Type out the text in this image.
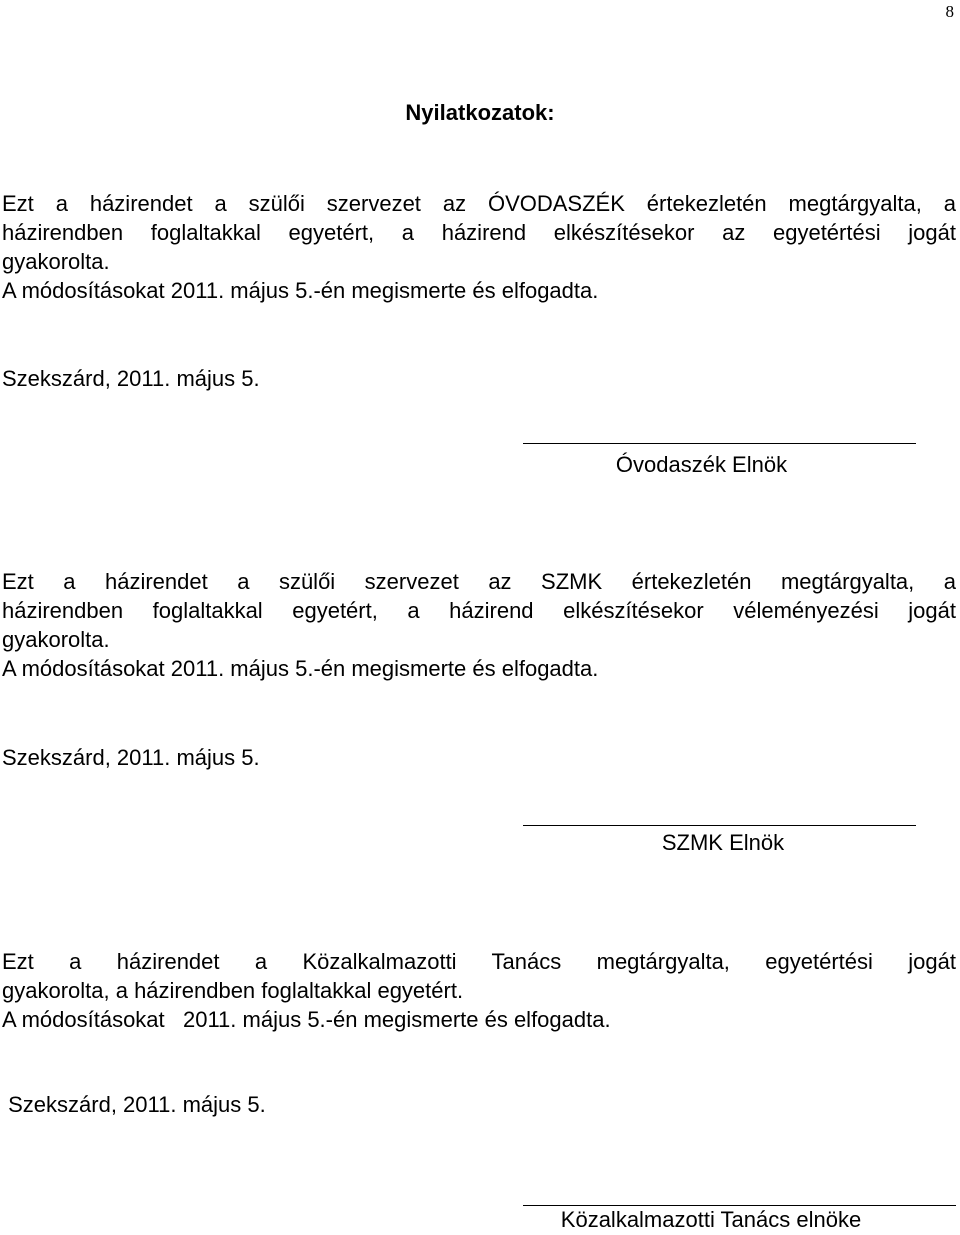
8
Nyilatkozatok:
Ezt a házirendet a szülői szervezet az ÓVODASZÉK értekezletén megtárgyalta, a
házirendben foglaltakkal egyetért, a házirend elkészítésekor az egyetértési jogát
gyakorolta.
A módosításokat 2011. május 5.-én megismerte és elfogadta.
Szekszárd, 2011. május 5.
Óvodaszék Elnök
Ezt a házirendet a szülői szervezet az SZMK értekezletén megtárgyalta, a
házirendben foglaltakkal egyetért, a házirend elkészítésekor véleményezési jogát
gyakorolta.
A módosításokat 2011. május 5.-én megismerte és elfogadta.
Szekszárd, 2011. május 5.
SZMK Elnök
Ezt a házirendet a Közalkalmazotti Tanács megtárgyalta, egyetértési jogát
gyakorolta, a házirendben foglaltakkal egyetért.
A módosításokat   2011. május 5.-én megismerte és elfogadta.
Szekszárd, 2011. május 5.
Közalkalmazotti Tanács elnöke
